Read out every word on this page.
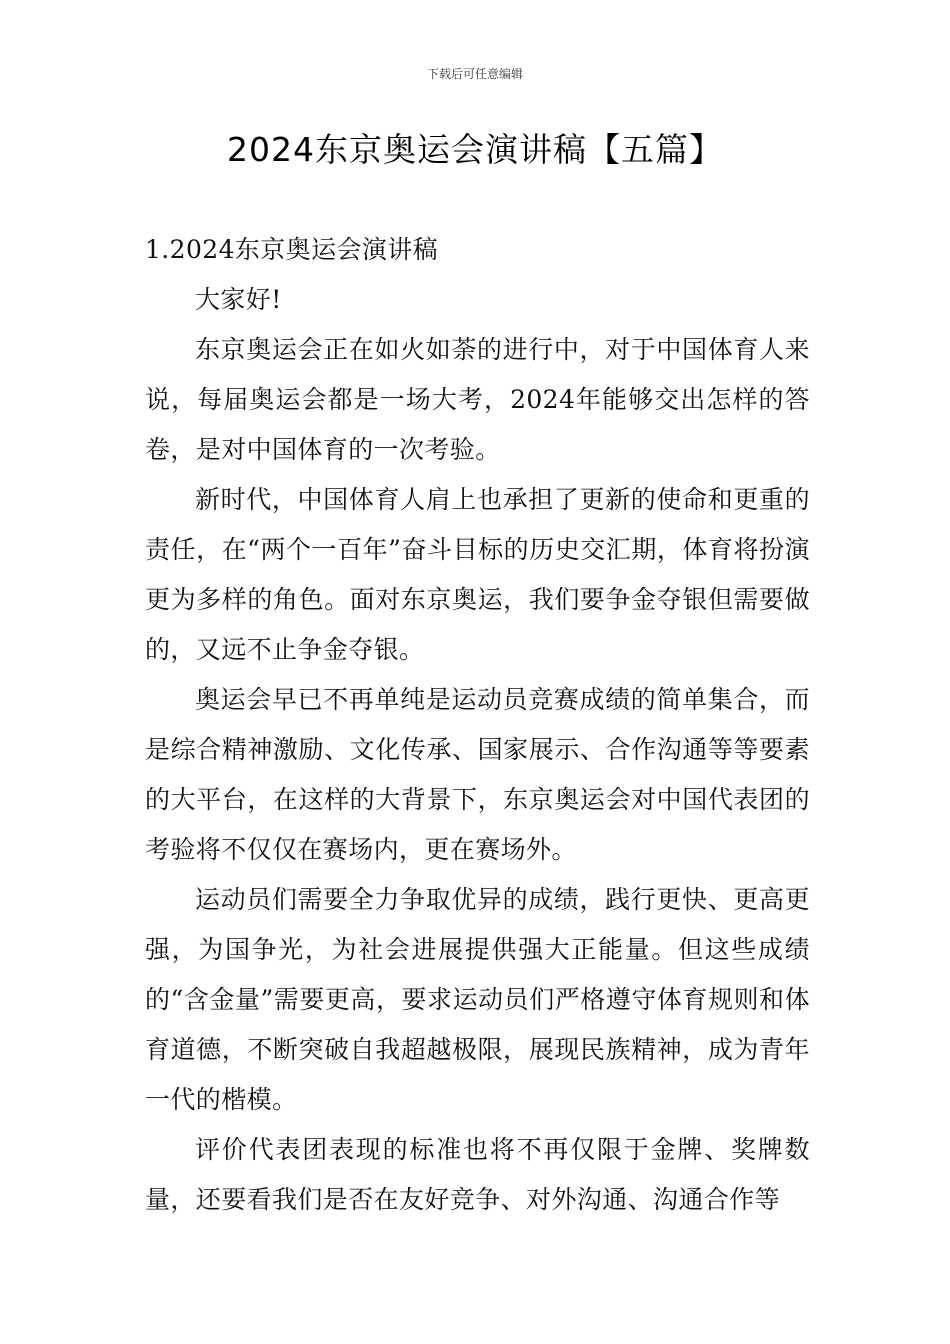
下载后可任意编辑
2024东京奥运会演讲稿【五篇】
1.2024东京奥运会演讲稿

大家好!

东京奥运会正在如火如荼的进行中，对于中国体育人来说，每届奥运会都是一场大考，2024年能够交出怎样的答卷，是对中国体育的一次考验。

新时代，中国体育人肩上也承担了更新的使命和更重的责任，在“两个一百年”奋斗目标的历史交汇期，体育将扮演更为多样的角色。面对东京奥运，我们要争金夺银但需要做的，又远不止争金夺银。

奥运会早已不再单纯是运动员竞赛成绩的简单集合，而是综合精神激励、文化传承、国家展示、合作沟通等等要素的大平台，在这样的大背景下，东京奥运会对中国代表团的考验将不仅仅在赛场内，更在赛场外。

运动员们需要全力争取优异的成绩，践行更快、更高更强，为国争光，为社会进展提供强大正能量。但这些成绩的“含金量”需要更高，要求运动员们严格遵守体育规则和体育道德，不断突破自我超越极限，展现民族精神，成为青年一代的楷模。

评价代表团表现的标准也将不再仅限于金牌、奖牌数量，还要看我们是否在友好竞争、对外沟通、沟通合作等
